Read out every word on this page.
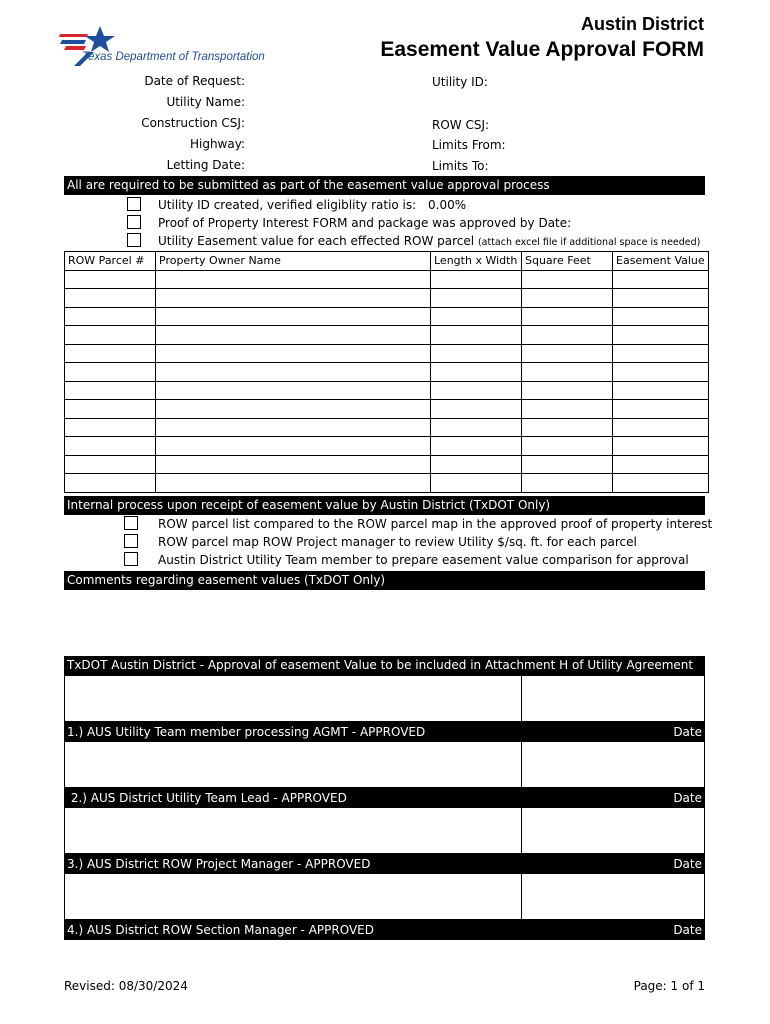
Texas Department of Transportation
Austin District
Easement Value Approval FORM
Date of Request:
Utility Name:
Construction CSJ:
Highway:
Letting Date:
Utility ID:
ROW CSJ:
Limits From:
Limits To:
All are required to be submitted as part of the easement value approval process
Utility ID created, verified eligiblity ratio is: 0.00%
Proof of Property Interest FORM and package was approved by Date:
Utility Easement value for each effected ROW parcel (attach excel file if additional space is needed)
ROW Parcel #	Property Owner Name	Length x Width	Square Feet	Easement Value

Internal process upon receipt of easement value by Austin District (TxDOT Only)
ROW parcel list compared to the ROW parcel map in the approved proof of property interest
ROW parcel map ROW Project manager to review Utility $/sq. ft. for each parcel
Austin District Utility Team member to prepare easement value comparison for approval
Comments regarding easement values (TxDOT Only)
TxDOT Austin District - Approval of easement Value to be included in Attachment H of Utility Agreement
1.) AUS Utility Team member processing AGMT - APPROVED	Date
2.) AUS District Utility Team Lead - APPROVED	Date
3.) AUS District ROW Project Manager - APPROVED	Date
4.) AUS District ROW Section Manager - APPROVED	Date
Revised: 08/30/2024	Page: 1 of 1
